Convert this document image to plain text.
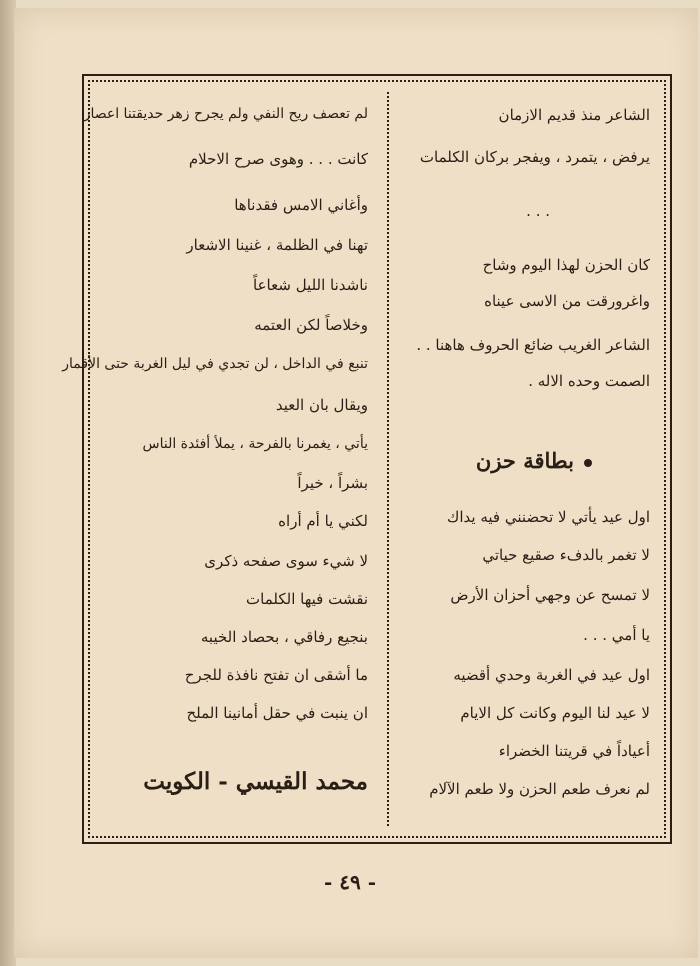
الشاعر منذ قديم الازمان
يرفض ، يتمرد ، ويفجر بركان الكلمات
. . .
كان الحزن لهذا اليوم وشاح
واغرورقت من الاسى عيناه
الشاعر الغريب ضائع الحروف هاهنا . .
الصمت وحده الاله .
بطاقة حزن
اول عيد يأتي لا تحضنني فيه يداك
لا تغمر بالدفء صقيع حياتي
لا تمسح عن وجهي أحزان الأرض
يا أمي . . .
اول عيد في الغربة وحدي أقضيه
لا عيد لنا اليوم وكانت كل الايام
أعياداً في قريتنا الخضراء
لم نعرف طعم الحزن ولا طعم الآلام
لم تعصف ريح النفي ولم يجرح زهر حديقتنا اعصار
كانت . . . وهوى صرح الاحلام
وأغاني الامس فقدناها
تهنا في الظلمة ، غنينا الاشعار
ناشدنا الليل شعاعاً
وخلاصاً لكن العتمه
تنبع في الداخل ، لن تجدي في ليل الغربة حتى الأقمار
ويقال بان العيد
يأتي ، يغمرنا بالفرحة ، يملأ أفئدة الناس
بشراً ، خيراً
لكني يا أم أراه
لا شيء سوى صفحه ذكرى
نقشت فيها الكلمات
بنجيع رفاقي ، بحصاد الخيبه
ما أشقى ان تفتح نافذة للجرح
ان ينبت في حقل أمانينا الملح
محمد القيسي - الكويت
- ٤٩ -
